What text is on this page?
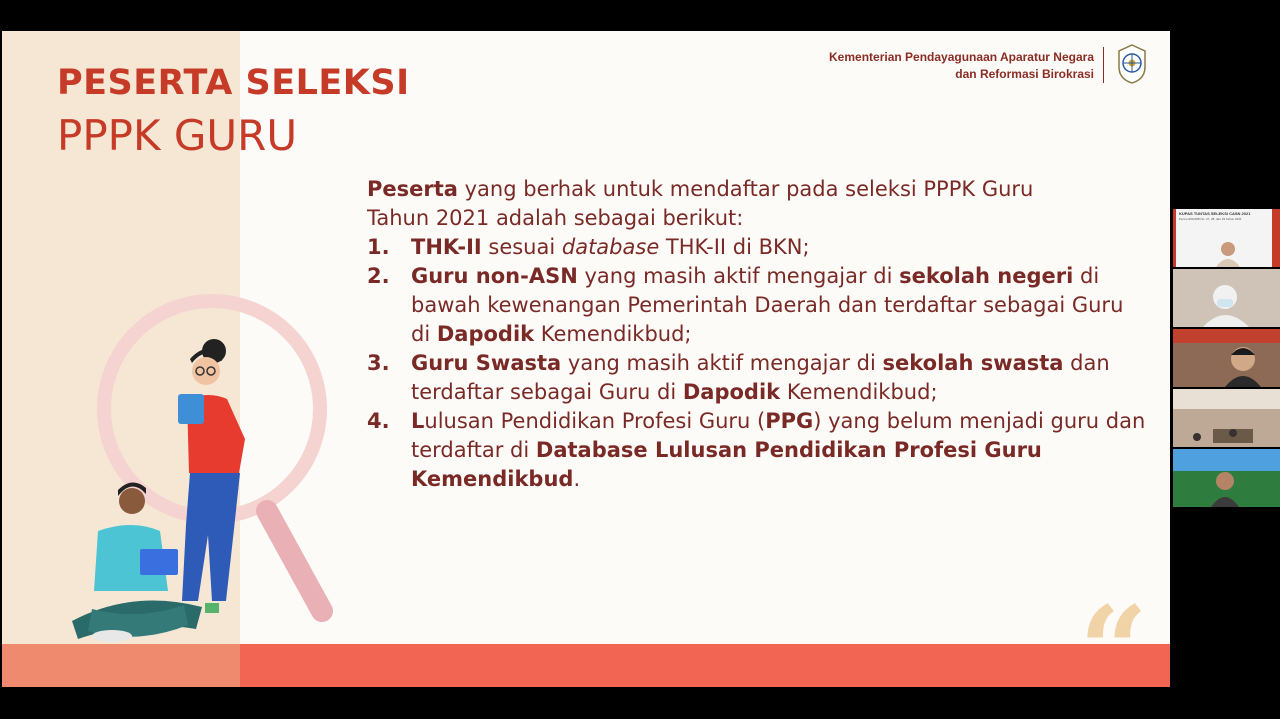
PESERTA SELEKSI
PPPK GURU
Kementerian Pendayagunaan Aparatur Negara
dan Reformasi Birokrasi

Peserta yang berhak untuk mendaftar pada seleksi PPPK Guru
Tahun 2021 adalah sebagai berikut:

1. THK-II sesuai database THK-II di BKN;
2. Guru non-ASN yang masih aktif mengajar di sekolah negeri di bawah kewenangan Pemerintah Daerah dan terdaftar sebagai Guru di Dapodik Kemendikbud;
3. Guru Swasta yang masih aktif mengajar di sekolah swasta dan terdaftar sebagai Guru di Dapodik Kemendikbud;
4. Lulusan Pendidikan Profesi Guru (PPG) yang belum menjadi guru dan terdaftar di Database Lulusan Pendidikan Profesi Guru Kemendikbud.
“
KUPAS TUNTAS SELEKSI CASN 2021
PermenPANRB No. 27, 28, dan 29 Tahun 2021
